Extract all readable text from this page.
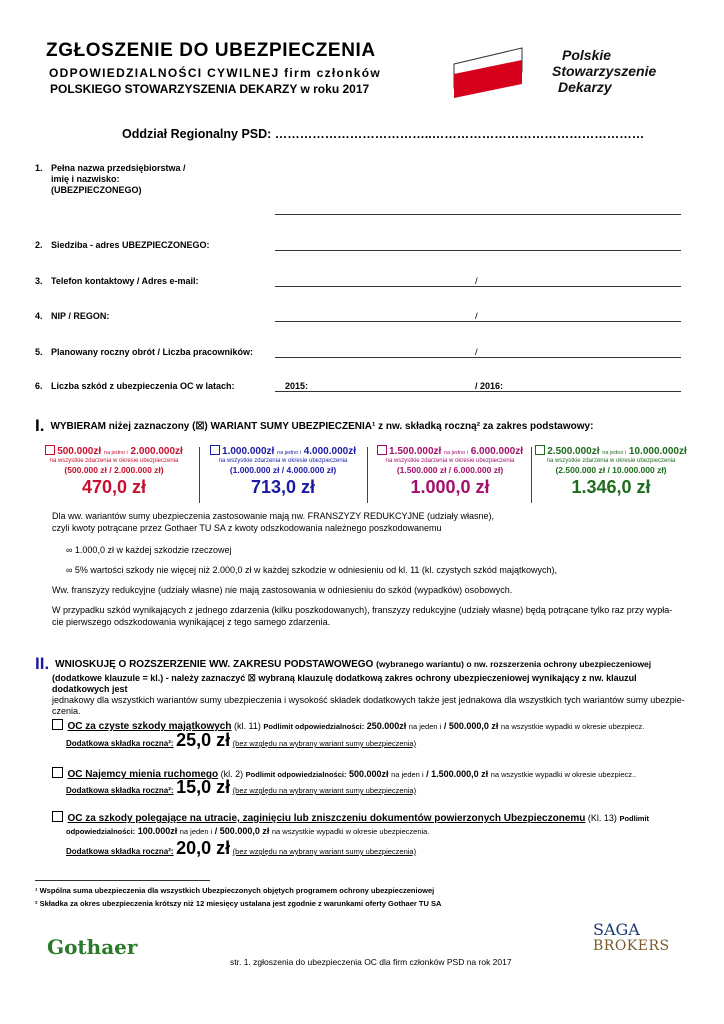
ZGŁOSZENIE DO UBEZPIECZENIA
ODPOWIEDZIALNOŚCI CYWILNEJ firm członków
POLSKIEGO STOWARZYSZENIA DEKARZY w roku 2017
Polskie
Stowarzyszenie
Dekarzy
Oddział Regionalny PSD: ………………………………..……………………………………………
1. Pełna nazwa przedsiębiorstwa /
imię i nazwisko:
(UBEZPIECZONEGO)
2. Siedziba - adres UBEZPIECZONEGO:
3. Telefon kontaktowy / Adres e-mail:	/
4. NIP / REGON:	/
5. Planowany roczny obrót / Liczba pracowników:	/
6. Liczba szkód z ubezpieczenia OC w latach:	2015:	/ 2016:
I. WYBIERAM niżej zaznaczony (☒) WARIANT SUMY UBEZPIECZENIA¹ z nw. składką roczną² za zakres podstawowy:
500.000zł na jedno i 2.000.000zł
na wszystkie zdarzenia w okresie ubezpieczenia
(500.000 zł / 2.000.000 zł)
470,0 zł
1.000.000zł na jedno i 4.000.000zł
na wszystkie zdarzenia w okresie ubezpieczenia
(1.000.000 zł / 4.000.000 zł)
713,0 zł
1.500.000zł na jedno i 6.000.000zł
na wszystkie zdarzenia w okresie ubezpieczenia
(1.500.000 zł / 6.000.000 zł)
1.000,0 zł
2.500.000zł na jedno i 10.000.000zł
na wszystkie zdarzenia w okresie ubezpieczenia
(2.500.000 zł / 10.000.000 zł)
1.346,0 zł
Dla ww. wariantów sumy ubezpieczenia zastosowanie mają nw. FRANSZYZY REDUKCYJNE (udziały własne),
czyli kwoty potrącane przez Gothaer TU SA z kwoty odszkodowania należnego poszkodowanemu
∞ 1.000,0 zł w każdej szkodzie rzeczowej
∞ 5% wartości szkody nie więcej niż 2.000,0 zł w każdej szkodzie w odniesieniu od kl. 11 (kl. czystych szkód majątkowych),
Ww. franszyzy redukcyjne (udziały własne) nie mają zastosowania w odniesieniu do szkód (wypadków) osobowych.
W przypadku szkód wynikających z jednego zdarzenia (kilku poszkodowanych), franszyzy redukcyjne (udziały własne) będą potrącane tylko raz przy wypła-
cie pierwszego odszkodowania wynikającej z tego samego zdarzenia.
II. WNIOSKUJĘ O ROZSZERZENIE WW. ZAKRESU PODSTAWOWEGO (wybranego wariantu) o nw. rozszerzenia ochrony ubezpieczeniowej
(dodatkowe klauzule = kl.) - należy zaznaczyć ☒ wybraną klauzulę dodatkową zakres ochrony ubezpieczeniowej wynikający z nw. klauzul dodatkowych jest
jednakowy dla wszystkich wariantów sumy ubezpieczenia i wysokość składek dodatkowych także jest jednakowa dla wszystkich tych wariantów sumy ubezpie-
czenia.
OC za czyste szkody majątkowych (kl. 11) Podlimit odpowiedzialności: 250.000zł na jeden i / 500.000,0 zł na wszystkie wypadki w okresie ubezpiecz.
Dodatkowa składka roczna²: 25,0 zł (bez względu na wybrany wariant sumy ubezpieczenia)
OC Najemcy mienia ruchomego (kl. 2) Podlimit odpowiedzialności: 500.000zł na jeden i / 1.500.000,0 zł na wszystkie wypadki w okresie ubezpiecz..
Dodatkowa składka roczna²: 15,0 zł (bez względu na wybrany wariant sumy ubezpieczenia)
OC za szkody polegające na utracie, zaginięciu lub zniszczeniu dokumentów powierzonych Ubezpieczonemu (Kl. 13) Podlimit
odpowiedzialności: 100.000zł na jeden i / 500.000,0 zł na wszystkie wypadki w okresie ubezpieczenia.
Dodatkowa składka roczna²: 20,0 zł (bez względu na wybrany wariant sumy ubezpieczenia)
¹ Wspólna suma ubezpieczenia dla wszystkich Ubezpieczonych objętych programem ochrony ubezpieczeniowej
² Składka za okres ubezpieczenia krótszy niż 12 miesięcy ustalana jest zgodnie z warunkami oferty Gothaer TU SA
Gothaer
str. 1. zgłoszenia do ubezpieczenia OC dla firm członków PSD na rok 2017
SAGA
BROKERS
